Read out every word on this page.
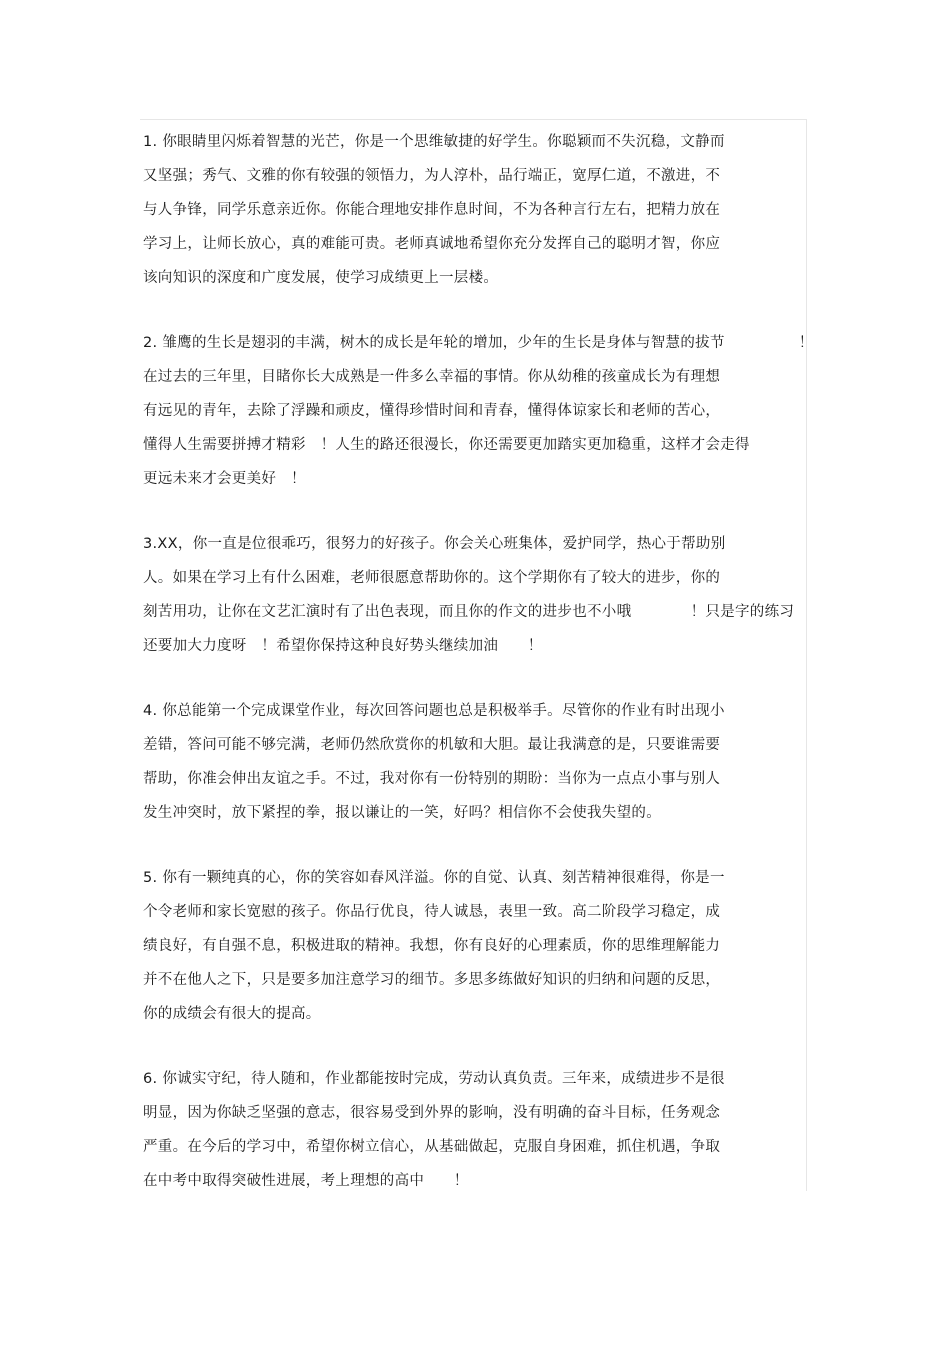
1. 你眼睛里闪烁着智慧的光芒，你是一个思维敏捷的好学生。你聪颖而不失沉稳，文静而
又坚强；秀气、文雅的你有较强的领悟力，为人淳朴，品行端正，宽厚仁道，不激进，不
与人争锋，同学乐意亲近你。你能合理地安排作息时间，不为各种言行左右，把精力放在
学习上，让师长放心，真的难能可贵。老师真诚地希望你充分发挥自己的聪明才智，你应
该向知识的深度和广度发展，使学习成绩更上一层楼。
2. 雏鹰的生长是翅羽的丰满，树木的成长是年轮的增加，少年的生长是身体与智慧的拔节　　　　　！
在过去的三年里，目睹你长大成熟是一件多么幸福的事情。你从幼稚的孩童成长为有理想
有远见的青年，去除了浮躁和顽皮，懂得珍惜时间和青春，懂得体谅家长和老师的苦心，
懂得人生需要拼搏才精彩　！人生的路还很漫长，你还需要更加踏实更加稳重，这样才会走得
更远未来才会更美好　！
3.XX，你一直是位很乖巧，很努力的好孩子。你会关心班集体，爱护同学，热心于帮助别
人。如果在学习上有什么困难，老师很愿意帮助你的。这个学期你有了较大的进步，你的
刻苦用功，让你在文艺汇演时有了出色表现，而且你的作文的进步也不小哦　　　　！只是字的练习
还要加大力度呀　！希望你保持这种良好势头继续加油　　！
4. 你总能第一个完成课堂作业，每次回答问题也总是积极举手。尽管你的作业有时出现小
差错，答问可能不够完满，老师仍然欣赏你的机敏和大胆。最让我满意的是，只要谁需要
帮助，你准会伸出友谊之手。不过，我对你有一份特别的期盼：当你为一点点小事与别人
发生冲突时，放下紧捏的拳，报以谦让的一笑，好吗？相信你不会使我失望的。
5. 你有一颗纯真的心，你的笑容如春风洋溢。你的自觉、认真、刻苦精神很难得，你是一
个令老师和家长宽慰的孩子。你品行优良，待人诚恳，表里一致。高二阶段学习稳定，成
绩良好，有自强不息，积极进取的精神。我想，你有良好的心理素质，你的思维理解能力
并不在他人之下，只是要多加注意学习的细节。多思多练做好知识的归纳和问题的反思，
你的成绩会有很大的提高。
6. 你诚实守纪，待人随和，作业都能按时完成，劳动认真负责。三年来，成绩进步不是很
明显，因为你缺乏坚强的意志，很容易受到外界的影响，没有明确的奋斗目标，任务观念
严重。在今后的学习中，希望你树立信心，从基础做起，克服自身困难，抓住机遇，争取
在中考中取得突破性进展，考上理想的高中　　！
